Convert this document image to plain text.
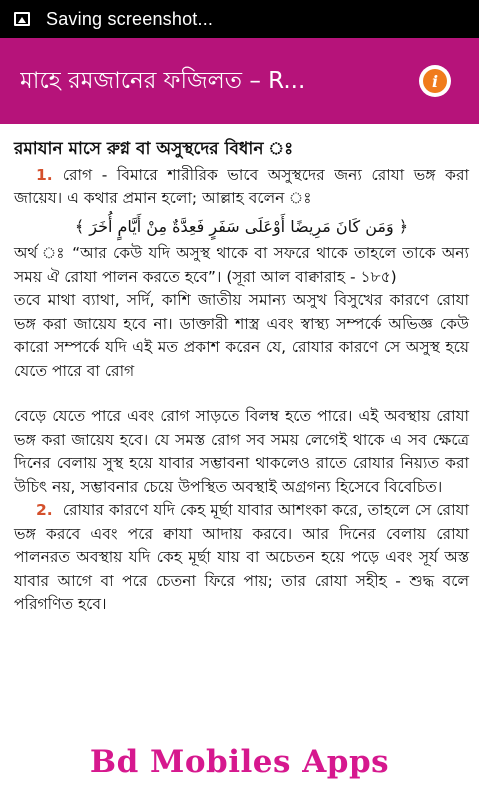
Saving screenshot...
মাহে রমজানের ফজিলত – R...	i

রমাযান মাসে রুগ্ন বা অসুস্থদের বিধান ঃ

1. রোগ - বিমারে শারীরিক ভাবে অসুস্থদের জন্য রোযা ভঙ্গ করা জায়েয। এ কথার প্রমান হলো; আল্লাহ বলেন ঃ

﴿ وَمَن كَانَ مَرِيضًا أَوْعَلَى سَفَرٍ فَعِدَّةٌ مِنْ أَيَّامٍ أُخَرَ ﴾

অর্থ ঃ “আর কেউ যদি অসুস্থ থাকে বা সফরে থাকে তাহলে তাকে অন্য সময় ঐ রোযা পালন করতে হবে”। (সূরা আল বাক্বারাহ - ১৮৫)

তবে মাথা ব্যাথা, সর্দি, কাশি জাতীয় সমান্য অসুখ বিসুখের কারণে রোযা ভঙ্গ করা জায়েয হবে না। ডাক্তারী শাস্ত্র এবং স্বাস্থ্য সম্পর্কে অভিজ্ঞ কেউ কারো সম্পর্কে যদি এই মত প্রকাশ করেন যে, রোযার কারণে সে অসুস্থ হয়ে যেতে পারে বা রোগ

বেড়ে যেতে পারে এবং রোগ সাড়তে বিলম্ব হতে পারে। এই অবস্থায় রোযা ভঙ্গ করা জায়েয হবে। যে সমস্ত রোগ সব সময় লেগেই থাকে এ সব ক্ষেত্রে দিনের বেলায় সুস্থ হয়ে যাবার সম্ভাবনা থাকলেও রাতে রোযার নিয়্যত করা উচিৎ নয়, সম্ভাবনার চেয়ে উপস্থিত অবস্থাই অগ্রগন্য হিসেবে বিবেচিত।

2. রোযার কারণে যদি কেহ মূর্ছা যাবার আশংকা করে, তাহলে সে রোযা ভঙ্গ করবে এবং পরে ক্বাযা আদায় করবে। আর দিনের বেলায় রোযা পালনরত অবস্থায় যদি কেহ মূর্ছা যায় বা অচেতন হয়ে পড়ে এবং সূর্য অস্ত যাবার আগে বা পরে চেতনা ফিরে পায়; তার রোযা সহীহ - শুদ্ধ বলে পরিগণিত হবে।

Bd Mobiles Apps
